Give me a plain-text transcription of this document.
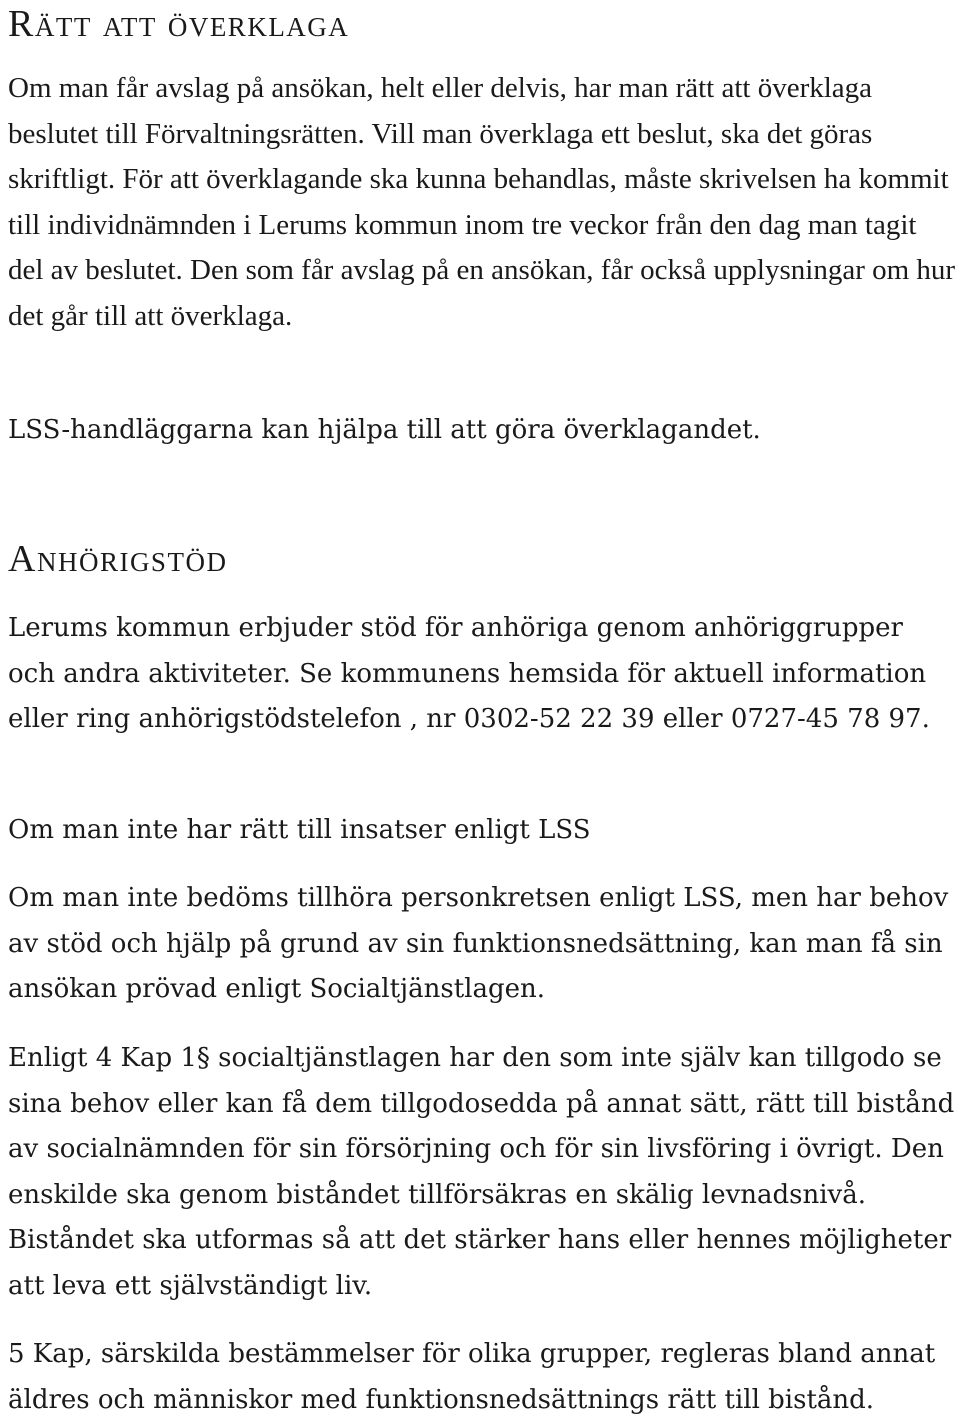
Rätt att överklaga

Om man får avslag på ansökan, helt eller delvis, har man rätt att överklaga beslutet till Förvaltningsrätten. Vill man överklaga ett beslut, ska det göras skriftligt. För att överklagande ska kunna behandlas, måste skrivelsen ha kommit till individnämnden i Lerums kommun inom tre veckor från den dag man tagit del av beslutet. Den som får avslag på en ansökan, får också upplysningar om hur det går till att överklaga.

LSS-handläggarna kan hjälpa till att göra överklagandet.

Anhörigstöd

Lerums kommun erbjuder stöd för anhöriga genom anhöriggrupper och andra aktiviteter. Se kommunens hemsida för aktuell information eller ring anhörigstödstelefon , nr 0302-52 22 39 eller 0727-45 78 97.

Om man inte har rätt till insatser enligt LSS

Om man inte bedöms tillhöra personkretsen enligt LSS, men har behov av stöd och hjälp på grund av sin funktionsnedsättning, kan man få sin ansökan prövad enligt Socialtjänstlagen.

Enligt 4 Kap 1§ socialtjänstlagen har den som inte själv kan tillgodo se sina behov eller kan få dem tillgodosedda på annat sätt, rätt till bistånd av socialnämnden för sin försörjning och för sin livsföring i övrigt. Den enskilde ska genom biståndet tillförsäkras en skälig levnadsnivå. Biståndet ska utformas så att det stärker hans eller hennes möjligheter att leva ett självständigt liv.

5 Kap, särskilda bestämmelser för olika grupper, regleras bland annat äldres och människor med funktionsnedsättnings rätt till bistånd.
